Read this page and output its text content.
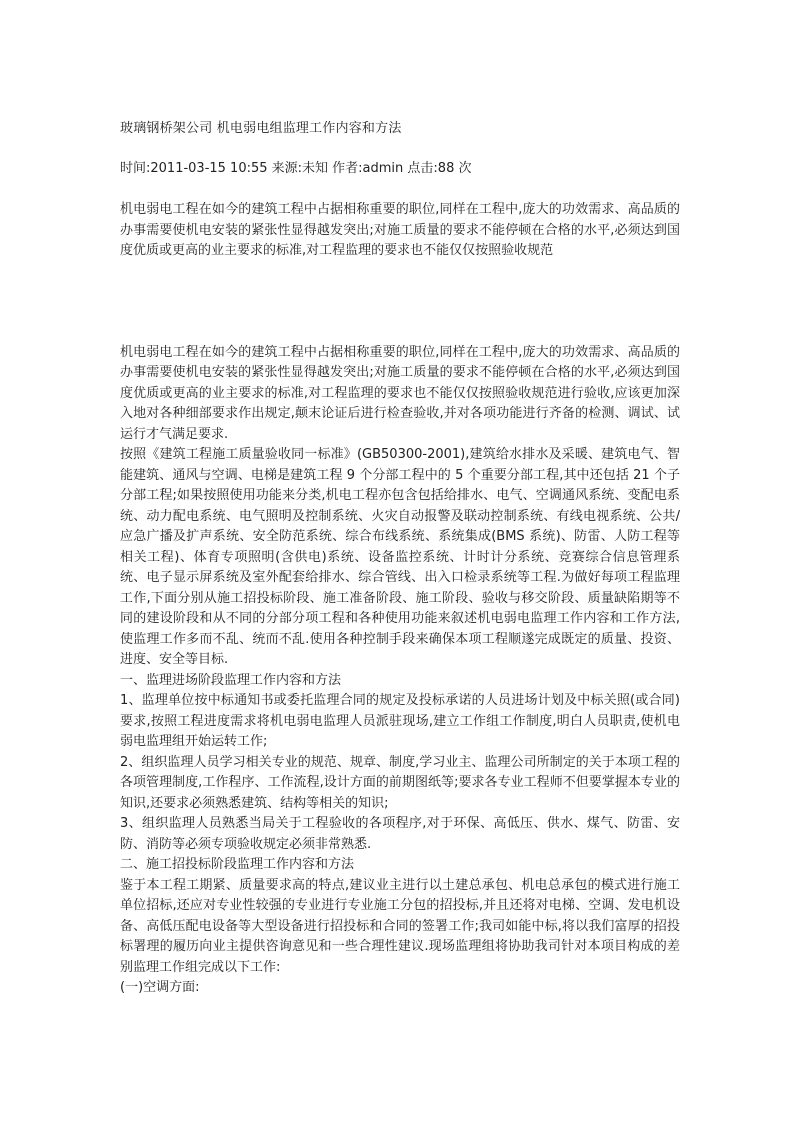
玻璃钢桥架公司 机电弱电组监理工作内容和方法
时间:2011-03-15 10:55 来源:未知 作者:admin 点击:88 次
机电弱电工程在如今的建筑工程中占据相称重要的职位,同样在工程中,庞大的功效需求、高品质的办事需要使机电安装的紧张性显得越发突出;对施工质量的要求不能停顿在合格的水平,必须达到国度优质或更高的业主要求的标准,对工程监理的要求也不能仅仅按照验收规范

机电弱电工程在如今的建筑工程中占据相称重要的职位,同样在工程中,庞大的功效需求、高品质的办事需要使机电安装的紧张性显得越发突出;对施工质量的要求不能停顿在合格的水平,必须达到国度优质或更高的业主要求的标准,对工程监理的要求也不能仅仅按照验收规范进行验收,应该更加深入地对各种细部要求作出规定,颠末论证后进行检查验收,并对各项功能进行齐备的检测、调试、试运行才气满足要求.

按照《建筑工程施工质量验收同一标准》(GB50300-2001),建筑给水排水及采暖、建筑电气、智能建筑、通风与空调、电梯是建筑工程 9 个分部工程中的 5 个重要分部工程,其中还包括 21 个子分部工程;如果按照使用功能来分类,机电工程亦包含包括给排水、电气、空调通风系统、变配电系统、动力配电系统、电气照明及控制系统、火灾自动报警及联动控制系统、有线电视系统、公共/应急广播及扩声系统、安全防范系统、综合布线系统、系统集成(BMS 系统)、防雷、人防工程等相关工程)、体育专项照明(含供电)系统、设备监控系统、计时计分系统、竞赛综合信息管理系统、电子显示屏系统及室外配套给排水、综合管线、出入口检录系统等工程.为做好每项工程监理工作,下面分别从施工招投标阶段、施工准备阶段、施工阶段、验收与移交阶段、质量缺陷期等不同的建设阶段和从不同的分部分项工程和各种使用功能来叙述机电弱电监理工作内容和工作方法,使监理工作多而不乱、统而不乱.使用各种控制手段来确保本项工程顺遂完成既定的质量、投资、进度、安全等目标.

一、监理进场阶段监理工作内容和方法

1、监理单位按中标通知书或委托监理合同的规定及投标承诺的人员进场计划及中标关照(或合同)要求,按照工程进度需求将机电弱电监理人员派驻现场,建立工作组工作制度,明白人员职责,使机电弱电监理组开始运转工作;

2、组织监理人员学习相关专业的规范、规章、制度,学习业主、监理公司所制定的关于本项工程的各项管理制度,工作程序、工作流程,设计方面的前期图纸等;要求各专业工程师不但要掌握本专业的知识,还要求必须熟悉建筑、结构等相关的知识;

3、组织监理人员熟悉当局关于工程验收的各项程序,对于环保、高低压、供水、煤气、防雷、安防、消防等必须专项验收规定必须非常熟悉.

二、施工招投标阶段监理工作内容和方法

鉴于本工程工期紧、质量要求高的特点,建议业主进行以土建总承包、机电总承包的模式进行施工单位招标,还应对专业性较强的专业进行专业施工分包的招投标,并且还将对电梯、空调、发电机设备、高低压配电设备等大型设备进行招投标和合同的签署工作;我司如能中标,将以我们富厚的招投标署理的履历向业主提供咨询意见和一些合理性建议.现场监理组将协助我司针对本项目构成的差别监理工作组完成以下工作:

(一)空调方面:
